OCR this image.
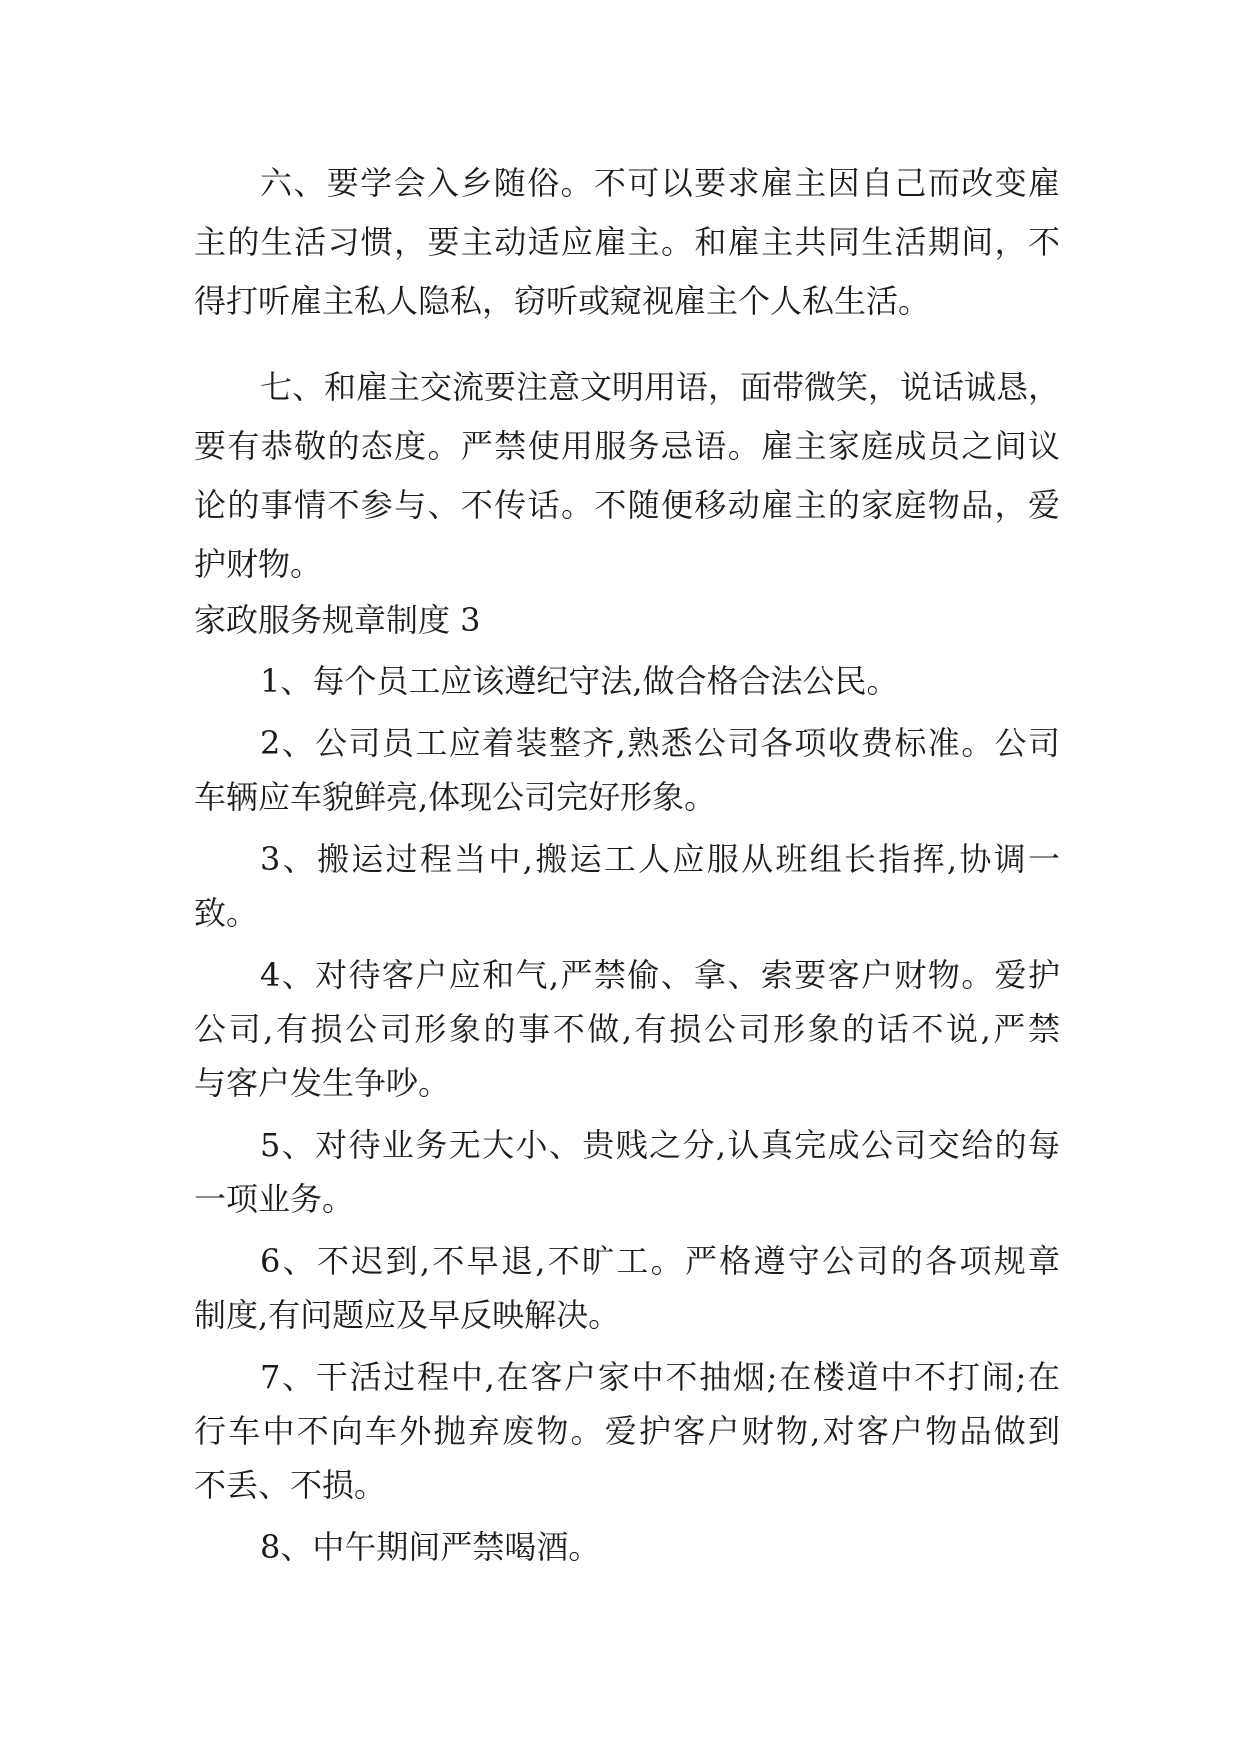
六、要学会入乡随俗。不可以要求雇主因自己而改变雇
主的生活习惯，要主动适应雇主。和雇主共同生活期间，不
得打听雇主私人隐私，窃听或窥视雇主个人私生活。
七、和雇主交流要注意文明用语，面带微笑，说话诚恳，
要有恭敬的态度。严禁使用服务忌语。雇主家庭成员之间议
论的事情不参与、不传话。不随便移动雇主的家庭物品，爱
护财物。
家政服务规章制度 3
1、每个员工应该遵纪守法,做合格合法公民。
2、公司员工应着装整齐,熟悉公司各项收费标准。公司
车辆应车貌鲜亮,体现公司完好形象。
3、搬运过程当中,搬运工人应服从班组长指挥,协调一
致。
4、对待客户应和气,严禁偷、拿、索要客户财物。爱护
公司,有损公司形象的事不做,有损公司形象的话不说,严禁
与客户发生争吵。
5、对待业务无大小、贵贱之分,认真完成公司交给的每
一项业务。
6、不迟到,不早退,不旷工。严格遵守公司的各项规章
制度,有问题应及早反映解决。
7、干活过程中,在客户家中不抽烟;在楼道中不打闹;在
行车中不向车外抛弃废物。爱护客户财物,对客户物品做到
不丢、不损。
8、中午期间严禁喝酒。
